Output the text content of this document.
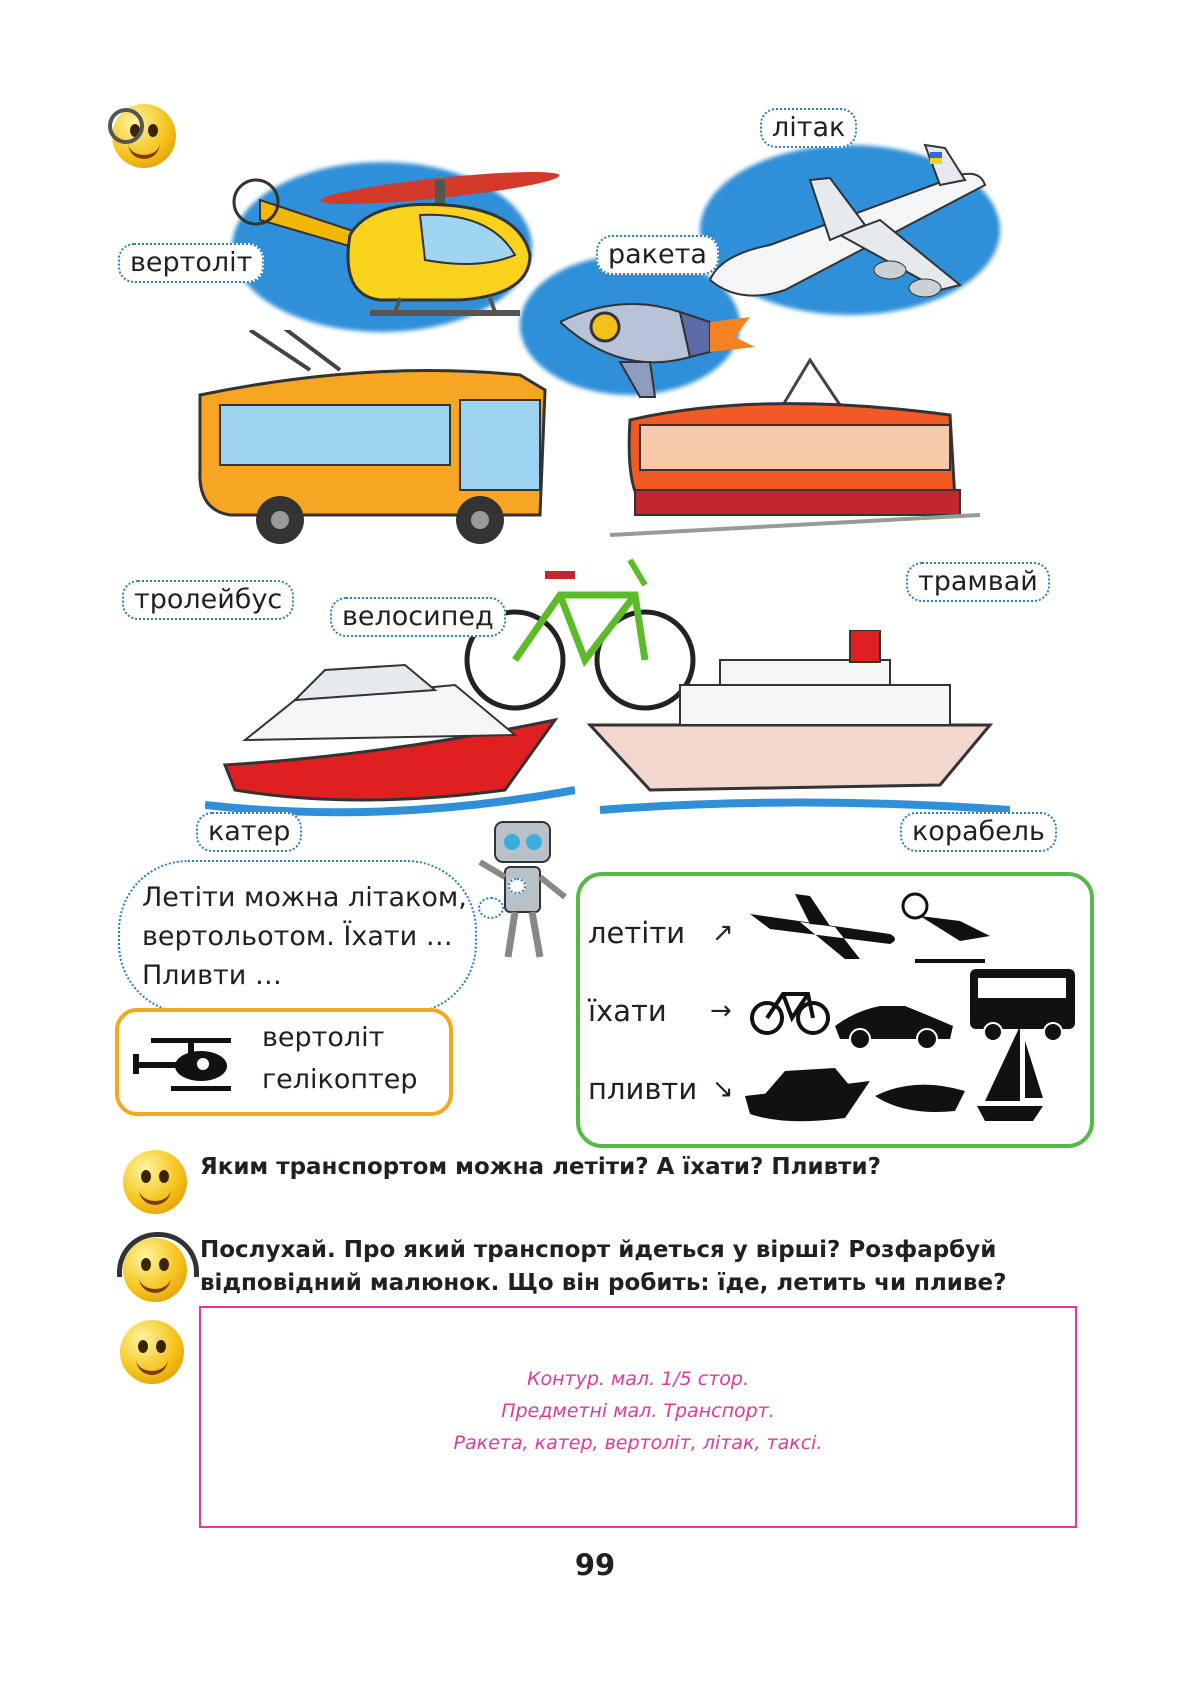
вертоліт
літак
ракета
тролейбус
велосипед
трамвай
катер	корабель
Летіти можна літаком,
вертольотом. Їхати …
Пливти …
вертоліт
гелікоптер
летіти ↗
їхати →
пливти ↘
Яким транспортом можна летіти? А їхати? Пливти?
Послухай. Про який транспорт йдеться у вірші? Розфарбуй
відповідний малюнок. Що він робить: їде, летить чи пливе?
Контур. мал. 1/5 стор.
Предметні мал. Транспорт.
Ракета, катер, вертоліт, літак, таксі.
99
